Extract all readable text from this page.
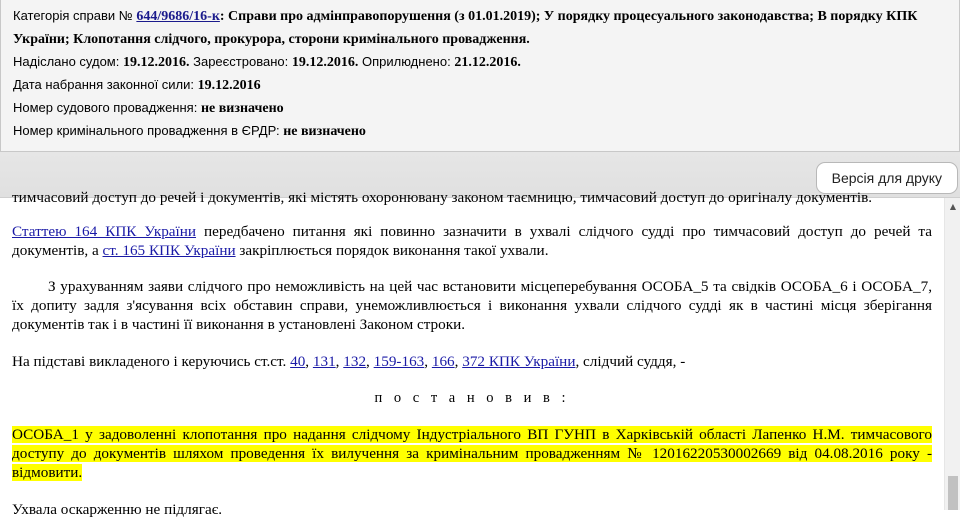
Категорія справи № 644/9686/16-к: Справи про адмінправопорушення (з 01.01.2019); У порядку процесуального законодавства; В порядку КПК України; Клопотання слідчого, прокурора, сторони кримінального провадження.

Надіслано судом: 19.12.2016. Зареєстровано: 19.12.2016. Оприлюднено: 21.12.2016.

Дата набрання законної сили: 19.12.2016

Номер судового провадження: не визначено

Номер кримінального провадження в ЄРДР: не визначено

Версія для друку
тимчасовий доступ до речей і документів, які містять охоронювану законом таємницю, тимчасовий доступ до оригіналу документів.

Статтею 164 КПК України передбачено питання які повинно зазначити в ухвалі слідчого судді про тимчасовий доступ до речей та документів, а ст. 165 КПК України закріплюється порядок виконання такої ухвали.

З урахуванням заяви слідчого про неможливість на цей час встановити місцеперебування ОСОБА_5 та свідків ОСОБА_6 і ОСОБА_7, їх допиту задля з'ясування всіх обставин справи, унеможливлюється і виконання ухвали слідчого судді як в частині місця зберігання документів так і в частині її виконання в установлені Законом строки.

На підставі викладеного і керуючись ст.ст. 40, 131, 132, 159-163, 166, 372 КПК України, слідчий суддя, -

п о с т а н о в и в :

ОСОБА_1 у задоволенні клопотання про надання слідчому Індустріального ВП ГУНП в Харківській області Лапенко Н.М. тимчасового доступу до документів шляхом проведення їх вилучення за кримінальним провадженням № 12016220530002669 від 04.08.2016 року - відмовити.

Ухвала оскарженню не підлягає.

▲
